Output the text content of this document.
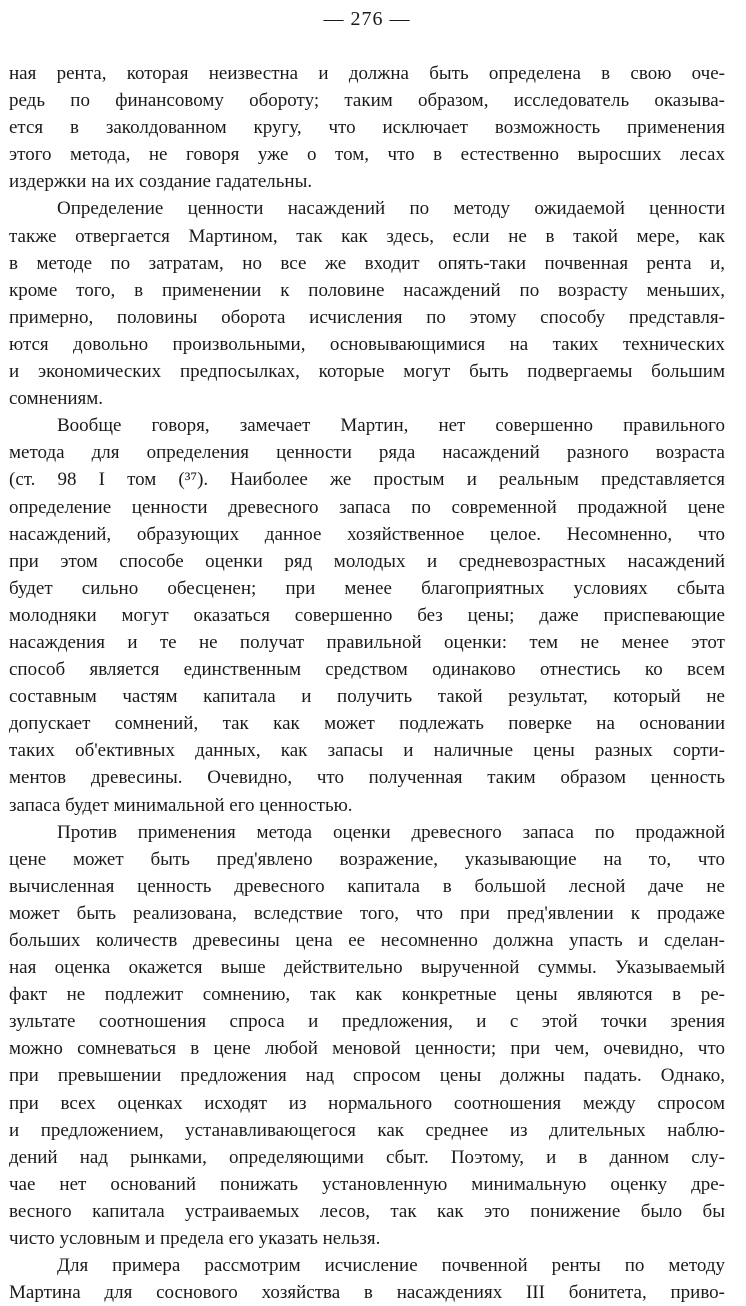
— 276 —
ная рента, которая неизвестна и должна быть определена в свою оче-
редь по финансовому обороту; таким образом, исследователь оказыва-
ется в заколдованном кругу, что исключает возможность применения
этого метода, не говоря уже о том, что в естественно выросших лесах
издержки на их создание гадательны.
Определение ценности насаждений по методу ожидаемой ценности
также отвергается Мартином, так как здесь, если не в такой мере, как
в методе по затратам, но все же входит опять-таки почвенная рента и,
кроме того, в применении к половине насаждений по возрасту меньших,
примерно, половины оборота исчисления по этому способу представля-
ются довольно произвольными, основывающимися на таких технических
и экономических предпосылках, которые могут быть подвергаемы большим
сомнениям.
Вообще говоря, замечает Мартин, нет совершенно правильного
метода для определения ценности ряда насаждений разного возраста
(ст. 98 I том (³⁷). Наиболее же простым и реальным представляется
определение ценности древесного запаса по современной продажной цене
насаждений, образующих данное хозяйственное целое. Несомненно, что
при этом способе оценки ряд молодых и средневозрастных насаждений
будет сильно обесценен; при менее благоприятных условиях сбыта
молодняки могут оказаться совершенно без цены; даже приспевающие
насаждения и те не получат правильной оценки: тем не менее этот
способ является единственным средством одинаково отнестись ко всем
составным частям капитала и получить такой результат, который не
допускает сомнений, так как может подлежать поверке на основании
таких об'ективных данных, как запасы и наличные цены разных сорти-
ментов древесины. Очевидно, что полученная таким образом ценность
запаса будет минимальной его ценностью.
Против применения метода оценки древесного запаса по продажной
цене может быть пред'явлено возражение, указывающие на то, что
вычисленная ценность древесного капитала в большой лесной даче не
может быть реализована, вследствие того, что при пред'явлении к продаже
больших количеств древесины цена ее несомненно должна упасть и сделан-
ная оценка окажется выше действительно вырученной суммы. Указываемый
факт не подлежит сомнению, так как конкретные цены являются в ре-
зультате соотношения спроса и предложения, и с этой точки зрения
можно сомневаться в цене любой меновой ценности; при чем, очевидно, что
при превышении предложения над спросом цены должны падать. Однако,
при всех оценках исходят из нормального соотношения между спросом
и предложением, устанавливающегося как среднее из длительных наблю-
дений над рынками, определяющими сбыт. Поэтому, и в данном слу-
чае нет оснований понижать установленную минимальную оценку дре-
весного капитала устраиваемых лесов, так как это понижение было бы
чисто условным и предела его указать нельзя.
Для примера рассмотрим исчисление почвенной ренты по методу
Мартина для соснового хозяйства в насаждениях III бонитета, приво-
